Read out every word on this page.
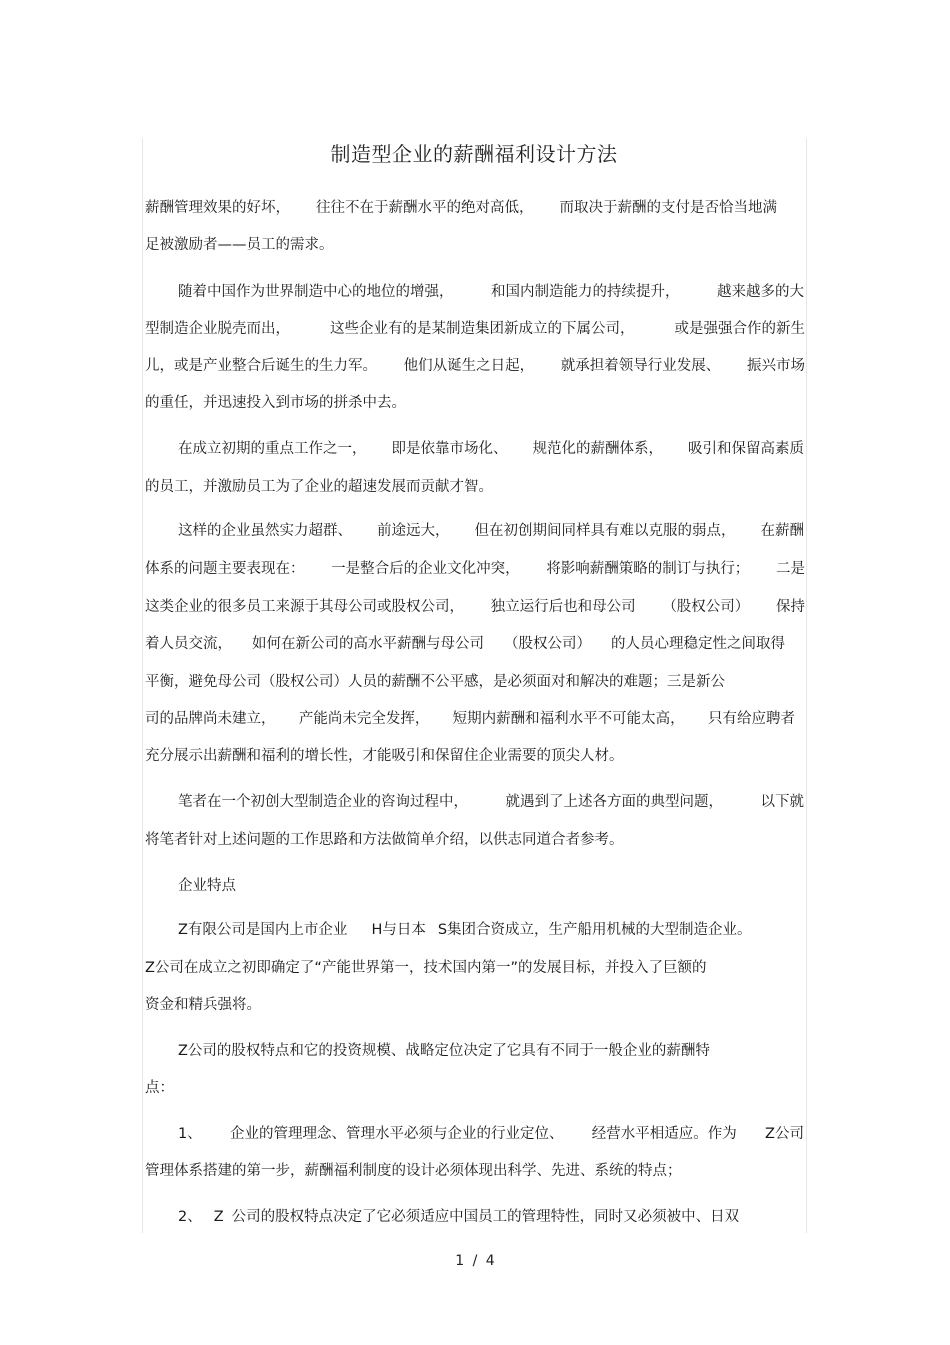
制造型企业的薪酬福利设计方法
薪酬管理效果的好坏， 往往不在于薪酬水平的绝对高低， 而取决于薪酬的支付是否恰当地满
足被激励者——员工的需求。
随着中国作为世界制造中心的地位的增强，	和国内制造能力的持续提升，	越来越多的大
型制造企业脱壳而出，	这些企业有的是某制造集团新成立的下属公司，	或是强强合作的新生
儿，或是产业整合后诞生的生力军。 他们从诞生之日起， 就承担着领导行业发展、 振兴市场
的重任，并迅速投入到市场的拼杀中去。
在成立初期的重点工作之一， 即是依靠市场化、 规范化的薪酬体系， 吸引和保留高素质
的员工，并激励员工为了企业的超速发展而贡献才智。
这样的企业虽然实力超群、 前途远大， 但在初创期间同样具有难以克服的弱点， 在薪酬
体系的问题主要表现在： 一是整合后的企业文化冲突， 将影响薪酬策略的制订与执行； 二是
这类企业的很多员工来源于其母公司或股权公司， 独立运行后也和母公司 （股权公司） 保持
着人员交流， 如何在新公司的高水平薪酬与母公司 （股权公司） 的人员心理稳定性之间取得
平衡，避免母公司（股权公司）人员的薪酬不公平感，是必须面对和解决的难题；三是新公
司的品牌尚未建立， 产能尚未完全发挥， 短期内薪酬和福利水平不可能太高， 只有给应聘者
充分展示出薪酬和福利的增长性，才能吸引和保留住企业需要的顶尖人材。
笔者在一个初创大型制造企业的咨询过程中，	就遇到了上述各方面的典型问题，	以下就
将笔者针对上述问题的工作思路和方法做简单介绍，以供志同道合者参考。
企业特点
Z有限公司是国内上市企业 H与日本 S集团合资成立，生产船用机械的大型制造企业。
Z公司在成立之初即确定了“产能世界第一，技术国内第一”的发展目标，并投入了巨额的
资金和精兵强将。
Z公司的股权特点和它的投资规模、战略定位决定了它具有不同于一般企业的薪酬特
点：
1、 企业的管理理念、管理水平必须与企业的行业定位、 经营水平相适应。作为 Z公司
管理体系搭建的第一步，薪酬福利制度的设计必须体现出科学、先进、系统的特点；
2、 Z 公司的股权特点决定了它必须适应中国员工的管理特性，同时又必须被中、日双
1 / 4
